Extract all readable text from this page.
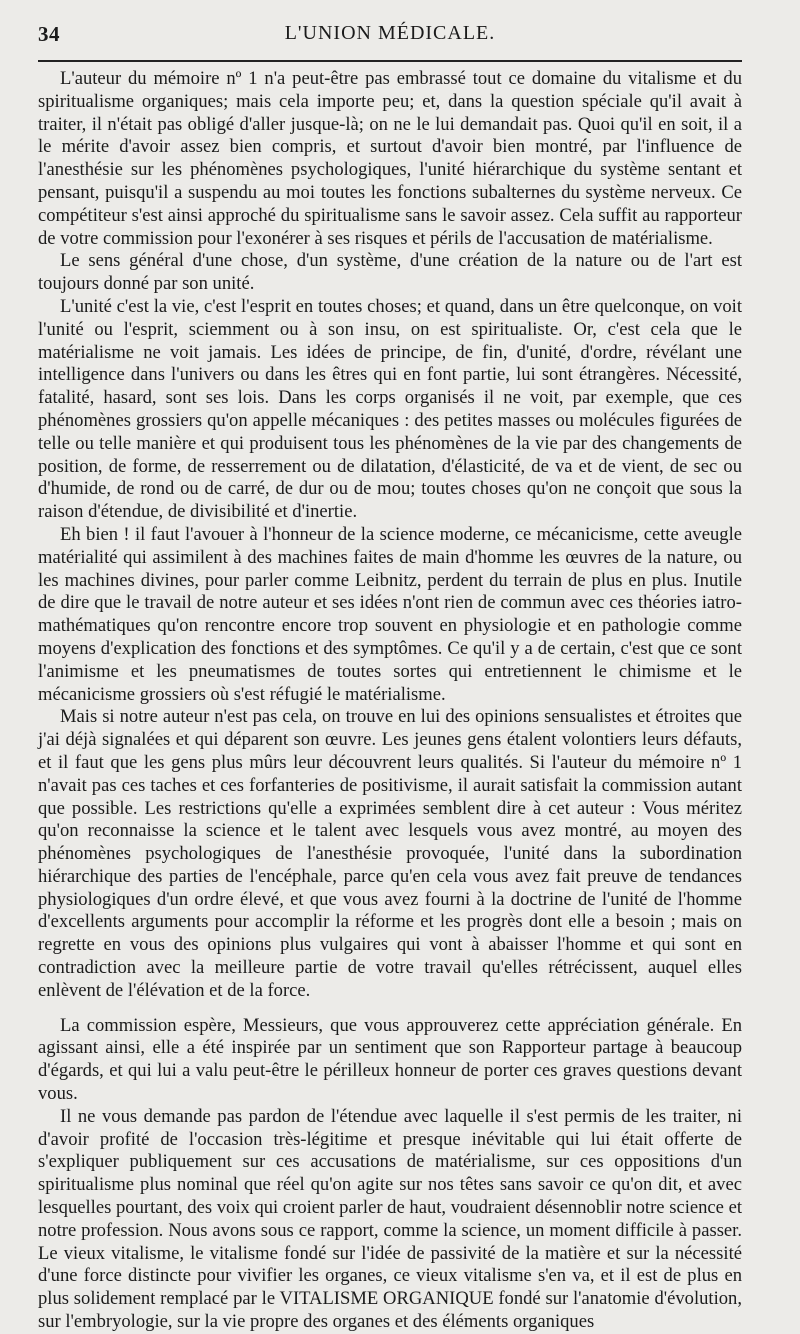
34	L'UNION MÉDICALE.

L'auteur du mémoire nº 1 n'a peut-être pas embrassé tout ce domaine du vitalisme et du spiritualisme organiques; mais cela importe peu; et, dans la question spéciale qu'il avait à traiter, il n'était pas obligé d'aller jusque-là; on ne le lui demandait pas. Quoi qu'il en soit, il a le mérite d'avoir assez bien compris, et surtout d'avoir bien montré, par l'influence de l'anesthésie sur les phénomènes psychologiques, l'unité hiérarchique du système sentant et pensant, puisqu'il a suspendu au moi toutes les fonctions subalternes du système nerveux. Ce compétiteur s'est ainsi approché du spiritualisme sans le savoir assez. Cela suffit au rapporteur de votre commission pour l'exonérer à ses risques et périls de l'accusation de matérialisme.

Le sens général d'une chose, d'un système, d'une création de la nature ou de l'art est toujours donné par son unité.

L'unité c'est la vie, c'est l'esprit en toutes choses; et quand, dans un être quelconque, on voit l'unité ou l'esprit, sciemment ou à son insu, on est spiritualiste. Or, c'est cela que le matérialisme ne voit jamais. Les idées de principe, de fin, d'unité, d'ordre, révélant une intelligence dans l'univers ou dans les êtres qui en font partie, lui sont étrangères. Nécessité, fatalité, hasard, sont ses lois. Dans les corps organisés il ne voit, par exemple, que ces phénomènes grossiers qu'on appelle mécaniques : des petites masses ou molécules figurées de telle ou telle manière et qui produisent tous les phénomènes de la vie par des changements de position, de forme, de resserrement ou de dilatation, d'élasticité, de va et de vient, de sec ou d'humide, de rond ou de carré, de dur ou de mou; toutes choses qu'on ne conçoit que sous la raison d'étendue, de divisibilité et d'inertie.

Eh bien ! il faut l'avouer à l'honneur de la science moderne, ce mécanicisme, cette aveugle matérialité qui assimilent à des machines faites de main d'homme les œuvres de la nature, ou les machines divines, pour parler comme Leibnitz, perdent du terrain de plus en plus. Inutile de dire que le travail de notre auteur et ses idées n'ont rien de commun avec ces théories iatro-mathématiques qu'on rencontre encore trop souvent en physiologie et en pathologie comme moyens d'explication des fonctions et des symptômes. Ce qu'il y a de certain, c'est que ce sont l'animisme et les pneumatismes de toutes sortes qui entretiennent le chimisme et le mécanicisme grossiers où s'est réfugié le matérialisme.

Mais si notre auteur n'est pas cela, on trouve en lui des opinions sensualistes et étroites que j'ai déjà signalées et qui déparent son œuvre. Les jeunes gens étalent volontiers leurs défauts, et il faut que les gens plus mûrs leur découvrent leurs qualités. Si l'auteur du mémoire nº 1 n'avait pas ces taches et ces forfanteries de positivisme, il aurait satisfait la commission autant que possible. Les restrictions qu'elle a exprimées semblent dire à cet auteur : Vous méritez qu'on reconnaisse la science et le talent avec lesquels vous avez montré, au moyen des phénomènes psychologiques de l'anesthésie provoquée, l'unité dans la subordination hiérarchique des parties de l'encéphale, parce qu'en cela vous avez fait preuve de tendances physiologiques d'un ordre élevé, et que vous avez fourni à la doctrine de l'unité de l'homme d'excellents arguments pour accomplir la réforme et les progrès dont elle a besoin ; mais on regrette en vous des opinions plus vulgaires qui vont à abaisser l'homme et qui sont en contradiction avec la meilleure partie de votre travail qu'elles rétrécissent, auquel elles enlèvent de l'élévation et de la force.

La commission espère, Messieurs, que vous approuverez cette appréciation générale. En agissant ainsi, elle a été inspirée par un sentiment que son Rapporteur partage à beaucoup d'égards, et qui lui a valu peut-être le périlleux honneur de porter ces graves questions devant vous.

Il ne vous demande pas pardon de l'étendue avec laquelle il s'est permis de les traiter, ni d'avoir profité de l'occasion très-légitime et presque inévitable qui lui était offerte de s'expliquer publiquement sur ces accusations de matérialisme, sur ces oppositions d'un spiritualisme plus nominal que réel qu'on agite sur nos têtes sans savoir ce qu'on dit, et avec lesquelles pourtant, des voix qui croient parler de haut, voudraient désennoblir notre science et notre profession. Nous avons sous ce rapport, comme la science, un moment difficile à passer. Le vieux vitalisme, le vitalisme fondé sur l'idée de passivité de la matière et sur la nécessité d'une force distincte pour vivifier les organes, ce vieux vitalisme s'en va, et il est de plus en plus solidement remplacé par le VITALISME ORGANIQUE fondé sur l'anatomie d'évolution, sur l'embryologie, sur la vie propre des organes et des éléments organiques
